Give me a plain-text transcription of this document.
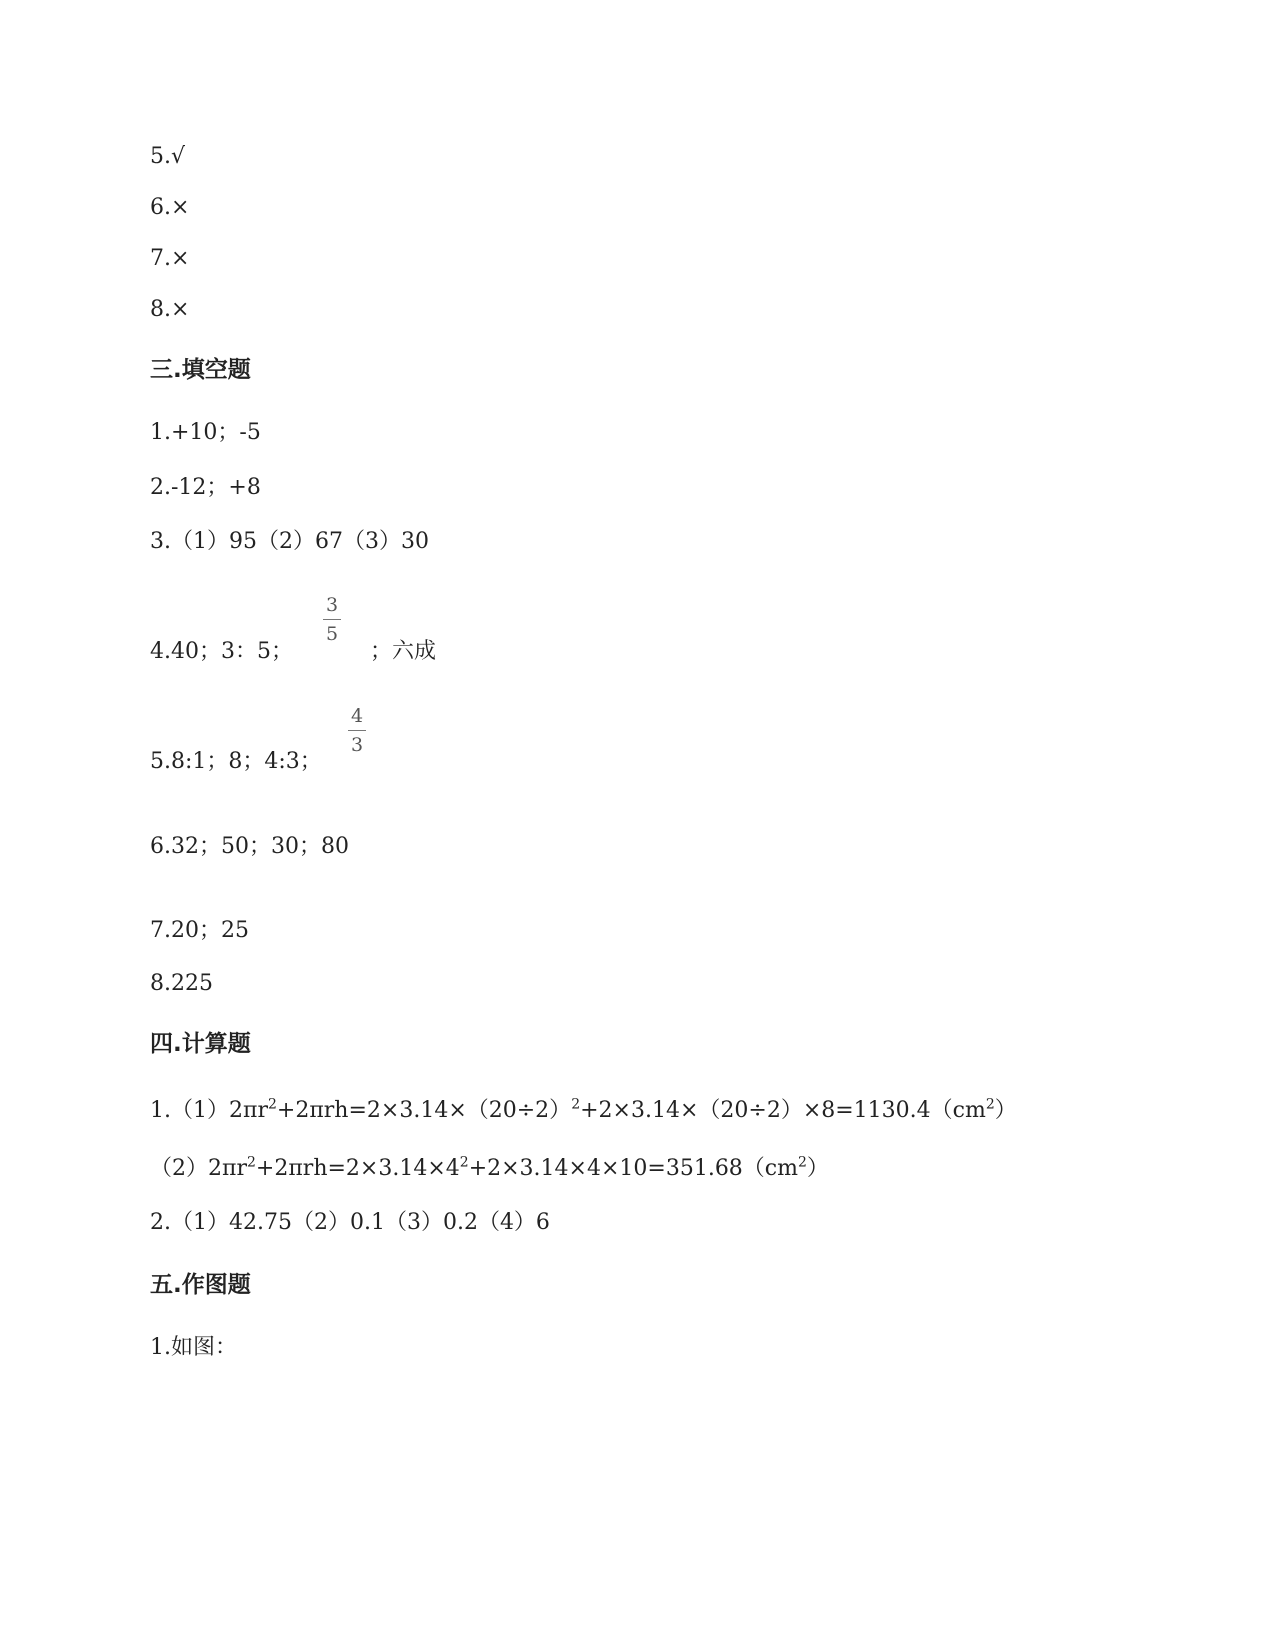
5.√
6.×
7.×
8.×
三.填空题
1.+10；-5
2.-12；+8
3.（1）95（2）67（3）30
4.40；3：5；
3
5
；六成
5.8:1；8；4:3；
4
3
6.32；50；30；80
7.20；25
8.225
四.计算题
$1.(1)2\pi r^2+2\pi rh=2\times 3.14\times(20\div 2)^2+2\times 3.14\times(20\div 2)\times 8=1130.4(cm^2)$
$(2)2\pi r^2+2\pi rh=2\times 3.14\times 4^2+2\times 3.14\times 4\times 10=351.68(cm^2)$
2.（1）42.75（2）0.1（3）0.2（4）6
五.作图题
1.如图：
